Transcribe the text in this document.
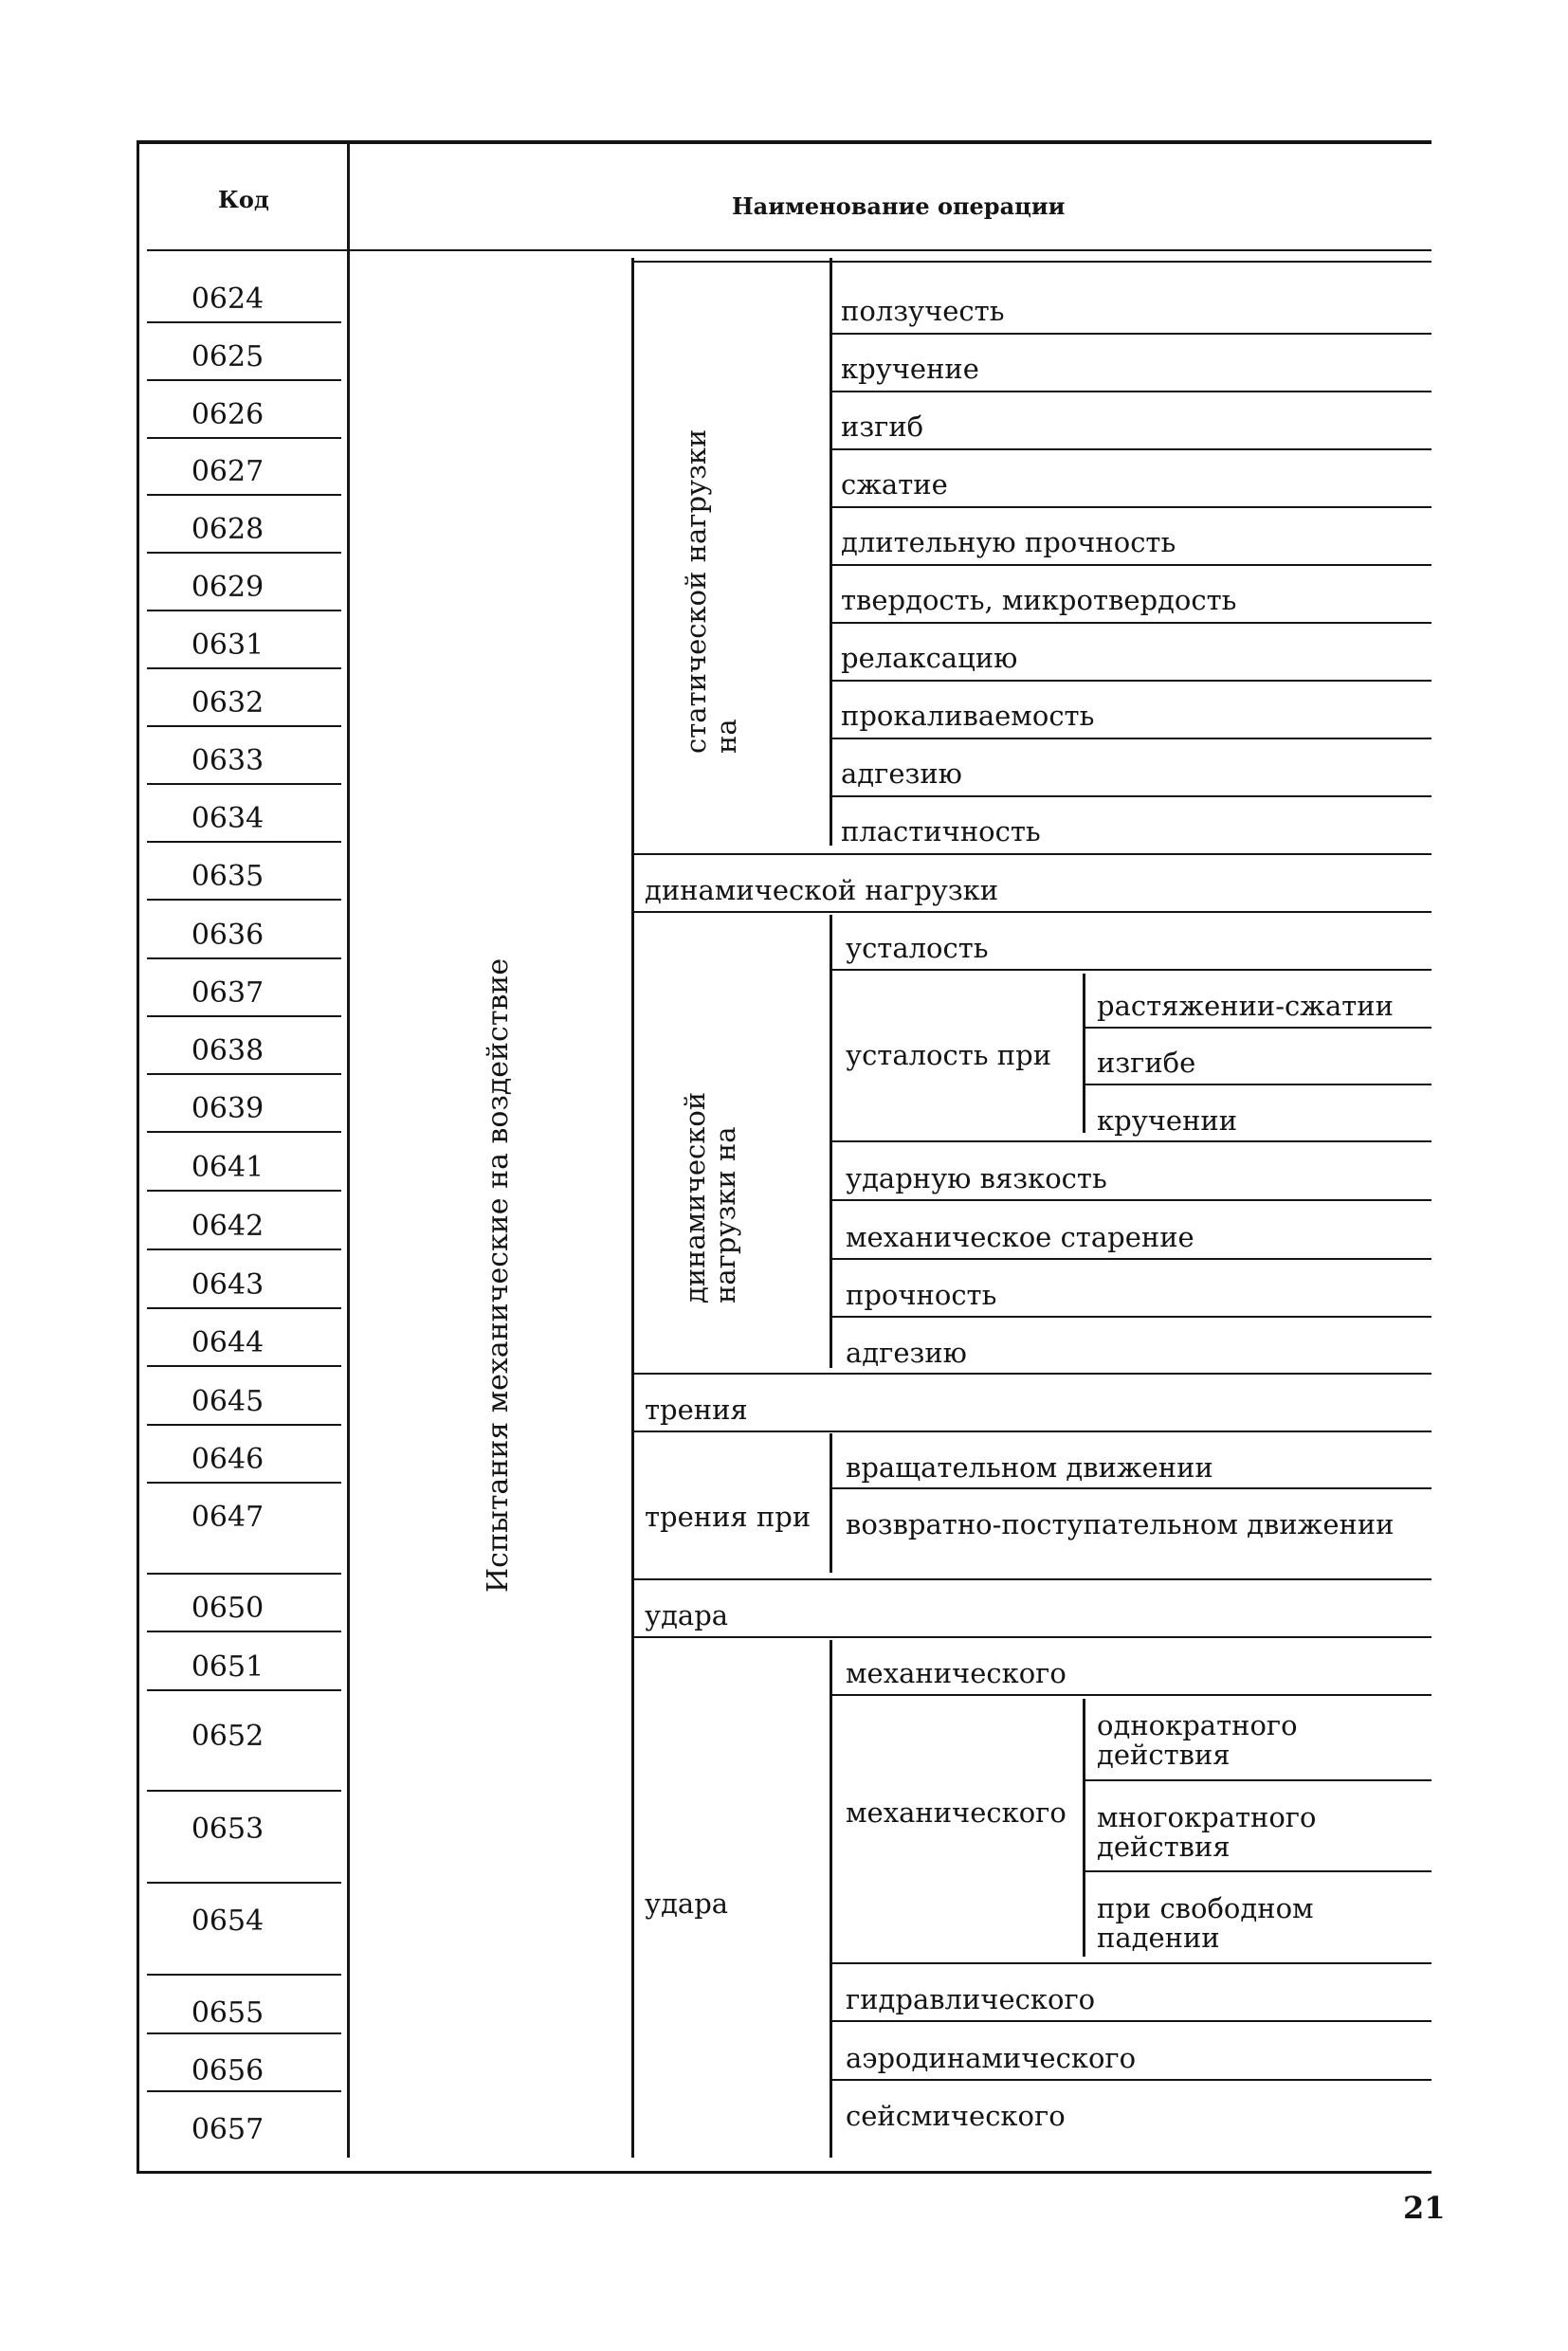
Код	Наименование операции
0624
0625
0626
0627
0628
0629
0631
0632
0633
0634
0635
0636
0637
0638
0639
0641
0642
0643
0644
0645
0646
0647
0650
0651
0652
0653
0654
0655
0656
0657
Испытания механические на воздействие
статической нагрузки на
динамической нагрузки на
ползучесть
кручение
изгиб
сжатие
длительную прочность
твердость, микротвердость
релаксацию
прокаливаемость
адгезию
пластичность
динамической нагрузки
усталость
усталость при
растяжении-сжатии
изгибе
кручении
ударную вязкость
механическое старение
прочность
адгезию
трения
трения при
вращательном движении
возвратно-поступательном движении
удара
удара
механического
механического
однократного действия
многократного действия
при свободном падении
гидравлического
аэродинамического
сейсмического
21
